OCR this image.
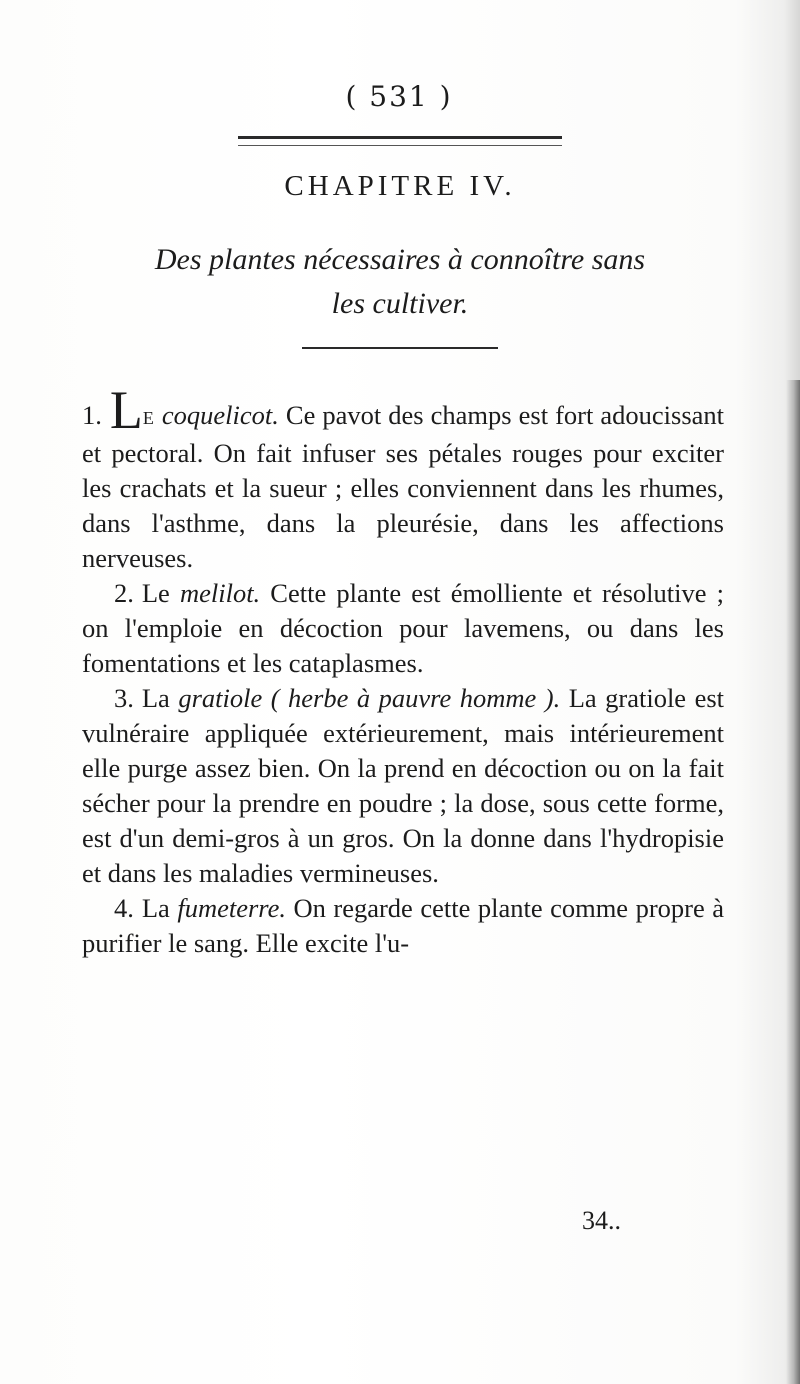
( 531 )
CHAPITRE IV.
Des plantes nécessaires à connoître sans les cultiver.

1. LE coquelicot. Ce pavot des champs est fort adoucissant et pectoral. On fait infuser ses pétales rouges pour exciter les crachats et la sueur ; elles conviennent dans les rhumes, dans l'asthme, dans la pleurésie, dans les affections nerveuses.

2. Le melilot. Cette plante est émolliente et résolutive ; on l'emploie en décoction pour lavemens, ou dans les fomentations et les cataplasmes.

3. La gratiole ( herbe à pauvre homme ). La gratiole est vulnéraire appliquée extérieurement, mais intérieurement elle purge assez bien. On la prend en décoction ou on la fait sécher pour la prendre en poudre ; la dose, sous cette forme, est d'un demi-gros à un gros. On la donne dans l'hydropisie et dans les maladies vermineuses.

4. La fumeterre. On regarde cette plante comme propre à purifier le sang. Elle excite l'u-

34..
